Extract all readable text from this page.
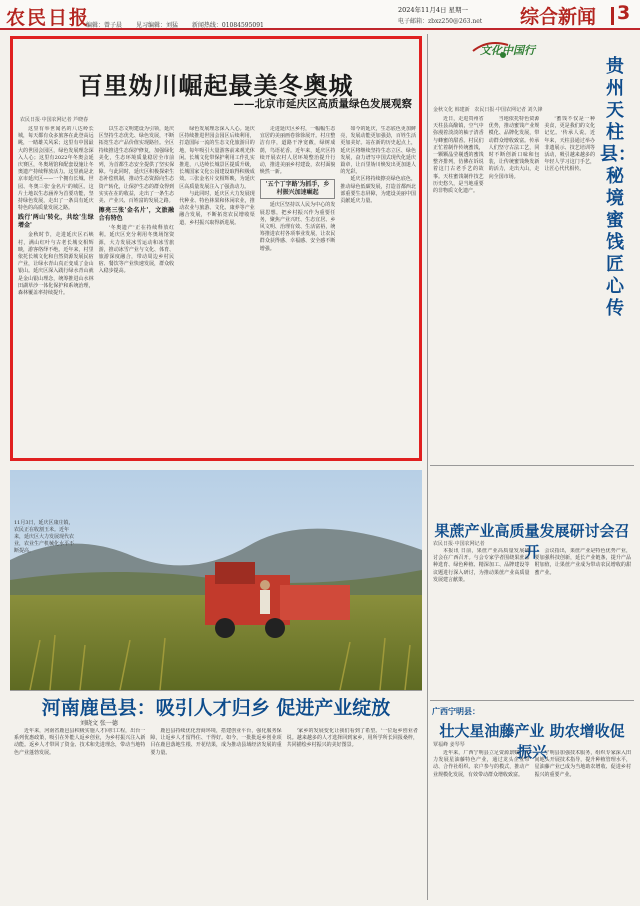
农民日报
编辑：曾子晨 见习编辑：刘猛 新闻热线：01084595091
2024年11月4日 星期一
电子邮箱：zbxz250@263.net 综合新闻 3
百里妫川崛起最美冬奥城
——北京市延庆区高质量绿色发展观察
农民日报·中国农网记者 芦晓春

这里有举世闻名的八达岭长城，每天都有众多旅客在此登高远眺，一睹雄关风采；这里有中国最大的世园会园区，绿色发展理念深入人心；这里有2022年冬奥会延庆赛区，冬奥场馆和配套设施让冬奥遗产持续释放活力。这里就是北京市延庆区——一个拥有长城、世园、冬奥三张'金名片'的城区。这片土地以生态涵养为首要功能，坚持绿色发展，走出了一条具有延庆特色的高质量发展之路。

践行'两山'转化，共绘'生绿增金'

金秋时节，走进延庆区石峡村，满山红叶与古老长城交相辉映，游客络绎不绝。近年来，村里依托长城文化和自然资源发展民宿产业，让绿水青山真正变成了金山银山。延庆区深入践行绿水青山就是金山银山理念，统筹推进山水林田湖草沙一体化保护和系统治理，森林覆盖率持续提升。

以生态文明建设为引领，延庆区坚持生态优先、绿色发展，不断拓宽生态产品价值实现路径。全区持续推进生态保护修复，加强绿化美化，生态环境质量稳居全市前列，为首都生态安全提供了坚实保障。与此同时，延庆区积极探索生态补偿机制，推动生态资源向生态资产转化，让保护生态的群众得到实实在在的收益，走出了一条生态美、产业兴、百姓富的发展之路。

擦亮三张'金名片'，文旅融合有特色

'冬奥遗产'正在持续释放红利。延庆区充分利用冬奥场馆资源，大力发展冰雪运动和冰雪旅游，推动冰雪产业与文化、体育、旅游深度融合，带动周边乡村民宿、餐饮等产业快速发展，群众收入稳步提高。

绿色发展理念深入人心。延庆区持续推进世园会园区后续利用，打造国际一流的生态文化旅游目的地，每年吸引大量游客前来观光休闲。长城文化带保护利用工作扎实推进，八达岭长城景区提质升级，长城国家文化公园建设取得积极成效。三张金名片交相辉映，为延庆区高质量发展注入了强劲动力。

与此同时，延庆区大力发展现代种业、特色林果和休闲农业，推动农业与旅游、文化、康养等产业融合发展，不断拓宽农民增收渠道，乡村振兴取得新进展。

走进延庆区乡村，一幅幅生态宜居的美丽画卷徐徐展开。村庄整洁有序，道路干净宽敞，绿树成荫，鸟语花香。近年来，延庆区持续开展农村人居环境整治提升行动，推进美丽乡村建设，农村面貌焕然一新。

'五个丁字路'为抓手，乡村振兴加速崛起

延庆区坚持以人民为中心的发展思想，把乡村振兴作为重要任务，聚焦产业兴旺、生态宜居、乡风文明、治理有效、生活富裕，统筹推进农村各项事业发展，让农民群众获得感、幸福感、安全感不断增强。

如今的延庆，生态底色更加鲜亮，发展动能更加强劲，百姓生活更加美好。站在新的历史起点上，延庆区将继续坚持生态立区、绿色发展，奋力谱写中国式现代化延庆篇章，让百里妫川焕发出更加迷人的光彩。

延庆区将持续擦亮绿色底色，推动绿色低碳发展，打造首都西北部重要生态屏障，为建设美丽中国贡献延庆力量。

文化中国行
金秋文化 韩建新 农民日报·中国农网记者 刘久锋
贵州天柱县：秘境蜜饯匠心传

近日，走进贵州省天柱县高酿镇，空气中弥漫着淡淡的柚子清香与蜂蜜的甜香。村民们正忙着制作传统蜜饯，一颗颗晶莹剔透的蜜饯整齐排列，仿佛在诉说着这门古老手艺的故事。天柱蜜饯制作技艺历史悠久，是当地重要的非物质文化遗产。

当地依托特色资源优势，推动蜜饯产业规模化、品牌化发展，带动群众增收致富。传承人们坚守古法工艺，同时不断创新口味和包装，让传统蜜饯焕发新的活力，走出大山，走向全国市场。

'蜜饯不仅是一种美食，更是我们的文化记忆。'传承人说。近年来，天柱县通过举办非遗展示、技艺培训等活动，吸引越来越多的年轻人学习这门手艺，让匠心代代相传。

11月3日，延庆区康庄镇，农民正在收割玉米。近年来，延庆区大力发展现代农业，农业生产机械化水平不断提高。
果蔗产业高质量发展研讨会召开
农民日报·中国农网记者

本报讯 日前，果蔗产业高质量发展研讨会在广西召开。与会专家学者围绕果蔗品种选育、绿色种植、精深加工、品牌建设等议题进行深入研讨，为推动果蔗产业高质量发展建言献策。

会议指出，果蔗产业是特色优势产业，要加强科技创新，延长产业链条，提升产品附加值，让果蔗产业成为带动农民增收的甜蜜产业。

河南鹿邑县：吸引人才归乡 促进产业绽放
刘晓文 张一德

近年来，河南省鹿邑县积极实施人才回归工程，出台一系列优惠政策，吸引在外能人返乡创业，为乡村振兴注入新动能。返乡人才带回了资金、技术和先进理念，带动当地特色产业蓬勃发展。

鹿邑县持续优化营商环境，搭建创业平台，强化服务保障，让返乡人才留得住、干得好。如今，一批批返乡创业项目在鹿邑落地生根、开花结果，成为推动县域经济发展的重要力量。

'家乡的发展变化让我们看到了希望。'一位返乡创业者说。越来越多的人才选择回到家乡，用所学所长回报桑梓，共同描绘乡村振兴的美好图景。

广西宁明县：
壮大星油藤产业 助农增收促振兴
覃福峰 姜琴琴

近年来，广西宁明县立足资源禀赋，大力发展星油藤特色产业，通过龙头企业带动、合作社组织、农户参与的模式，推动产业规模化发展，有效带动群众增收致富。

宁明县加强技术服务，组织专家深入田间地头开展技术指导，提升种植管理水平，星油藤产业已成为当地助农增收、促进乡村振兴的重要产业。
